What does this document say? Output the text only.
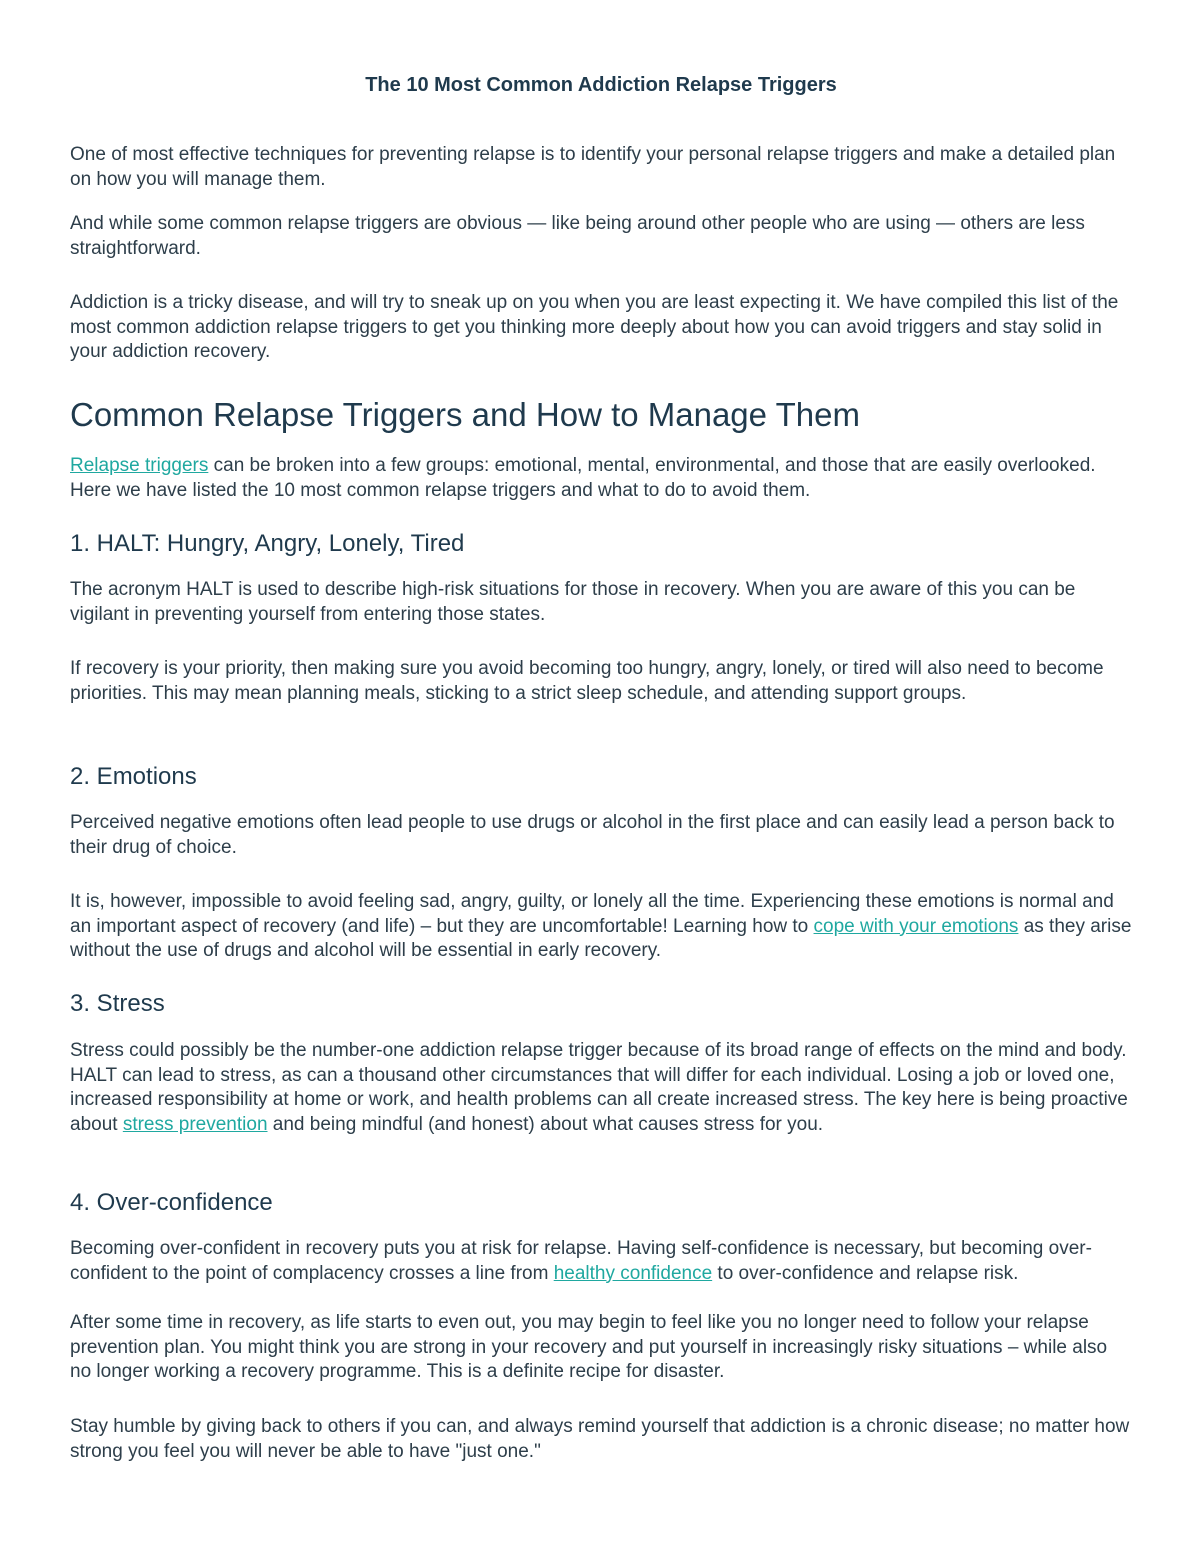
The 10 Most Common Addiction Relapse Triggers

One of most effective techniques for preventing relapse is to identify your personal relapse triggers and make a detailed plan on how you will manage them.

And while some common relapse triggers are obvious — like being around other people who are using — others are less straightforward.

Addiction is a tricky disease, and will try to sneak up on you when you are least expecting it. We have compiled this list of the most common addiction relapse triggers to get you thinking more deeply about how you can avoid triggers and stay solid in your addiction recovery.

Common Relapse Triggers and How to Manage Them

Relapse triggers can be broken into a few groups: emotional, mental, environmental, and those that are easily overlooked. Here we have listed the 10 most common relapse triggers and what to do to avoid them.

1. HALT: Hungry, Angry, Lonely, Tired

The acronym HALT is used to describe high-risk situations for those in recovery. When you are aware of this you can be vigilant in preventing yourself from entering those states.

If recovery is your priority, then making sure you avoid becoming too hungry, angry, lonely, or tired will also need to become priorities. This may mean planning meals, sticking to a strict sleep schedule, and attending support groups.

2. Emotions

Perceived negative emotions often lead people to use drugs or alcohol in the first place and can easily lead a person back to their drug of choice.

It is, however, impossible to avoid feeling sad, angry, guilty, or lonely all the time. Experiencing these emotions is normal and an important aspect of recovery (and life) – but they are uncomfortable! Learning how to cope with your emotions as they arise without the use of drugs and alcohol will be essential in early recovery.

3. Stress

Stress could possibly be the number-one addiction relapse trigger because of its broad range of effects on the mind and body. HALT can lead to stress, as can a thousand other circumstances that will differ for each individual. Losing a job or loved one, increased responsibility at home or work, and health problems can all create increased stress. The key here is being proactive about stress prevention and being mindful (and honest) about what causes stress for you.

4. Over-confidence

Becoming over-confident in recovery puts you at risk for relapse. Having self-confidence is necessary, but becoming over-confident to the point of complacency crosses a line from healthy confidence to over-confidence and relapse risk.

After some time in recovery, as life starts to even out, you may begin to feel like you no longer need to follow your relapse prevention plan. You might think you are strong in your recovery and put yourself in increasingly risky situations – while also no longer working a recovery programme. This is a definite recipe for disaster.

Stay humble by giving back to others if you can, and always remind yourself that addiction is a chronic disease; no matter how strong you feel you will never be able to have "just one."
